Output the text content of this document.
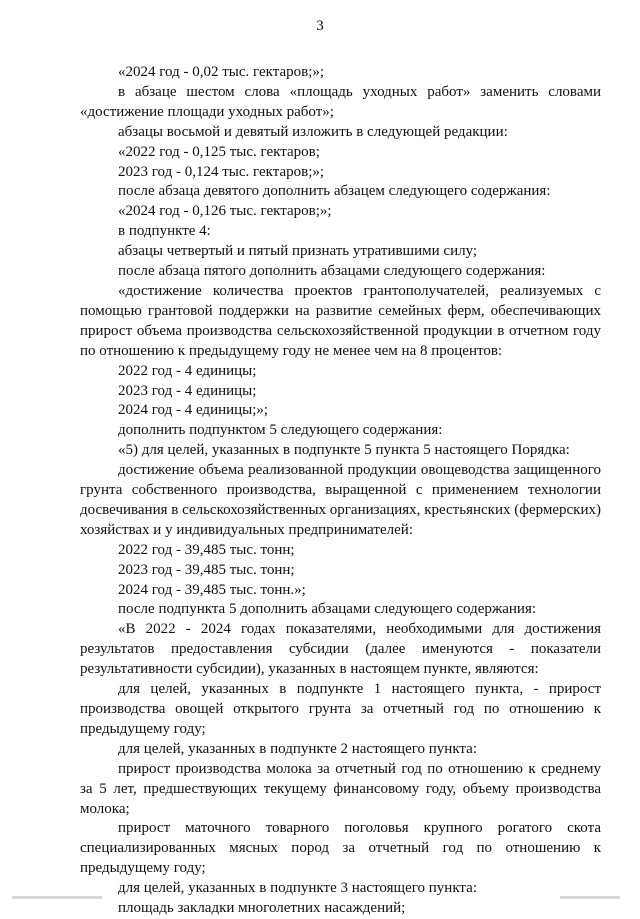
3

«2024 год - 0,02 тыс. гектаров;»;

в абзаце шестом слова «площадь уходных работ» заменить словами «достижение площади уходных работ»;

абзацы восьмой и девятый изложить в следующей редакции:

«2022 год - 0,125 тыс. гектаров;

2023 год - 0,124 тыс. гектаров;»;

после абзаца девятого дополнить абзацем следующего содержания:

«2024 год - 0,126 тыс. гектаров;»;

в подпункте 4:

абзацы четвертый и пятый признать утратившими силу;

после абзаца пятого дополнить абзацами следующего содержания:

«достижение количества проектов грантополучателей, реализуемых с помощью грантовой поддержки на развитие семейных ферм, обеспечивающих прирост объема производства сельскохозяйственной продукции в отчетном году по отношению к предыдущему году не менее чем на 8 процентов:

2022 год - 4 единицы;

2023 год - 4 единицы;

2024 год - 4 единицы;»;

дополнить подпунктом 5 следующего содержания:

«5) для целей, указанных в подпункте 5 пункта 5 настоящего Порядка:

достижение объема реализованной продукции овощеводства защищенного грунта собственного производства, выращенной с применением технологии досвечивания в сельскохозяйственных организациях, крестьянских (фермерских) хозяйствах и у индивидуальных предпринимателей:

2022 год - 39,485 тыс. тонн;

2023 год - 39,485 тыс. тонн;

2024 год - 39,485 тыс. тонн.»;

после подпункта 5 дополнить абзацами следующего содержания:

«В 2022 - 2024 годах показателями, необходимыми для достижения результатов предоставления субсидии (далее именуются - показатели результативности субсидии), указанных в настоящем пункте, являются:

для целей, указанных в подпункте 1 настоящего пункта, - прирост производства овощей открытого грунта за отчетный год по отношению к предыдущему году;

для целей, указанных в подпункте 2 настоящего пункта:

прирост производства молока за отчетный год по отношению к среднему за 5 лет, предшествующих текущему финансовому году, объему производства молока;

прирост маточного товарного поголовья крупного рогатого скота специализированных мясных пород за отчетный год по отношению к предыдущему году;

для целей, указанных в подпункте 3 настоящего пункта:

площадь закладки многолетних насаждений;
